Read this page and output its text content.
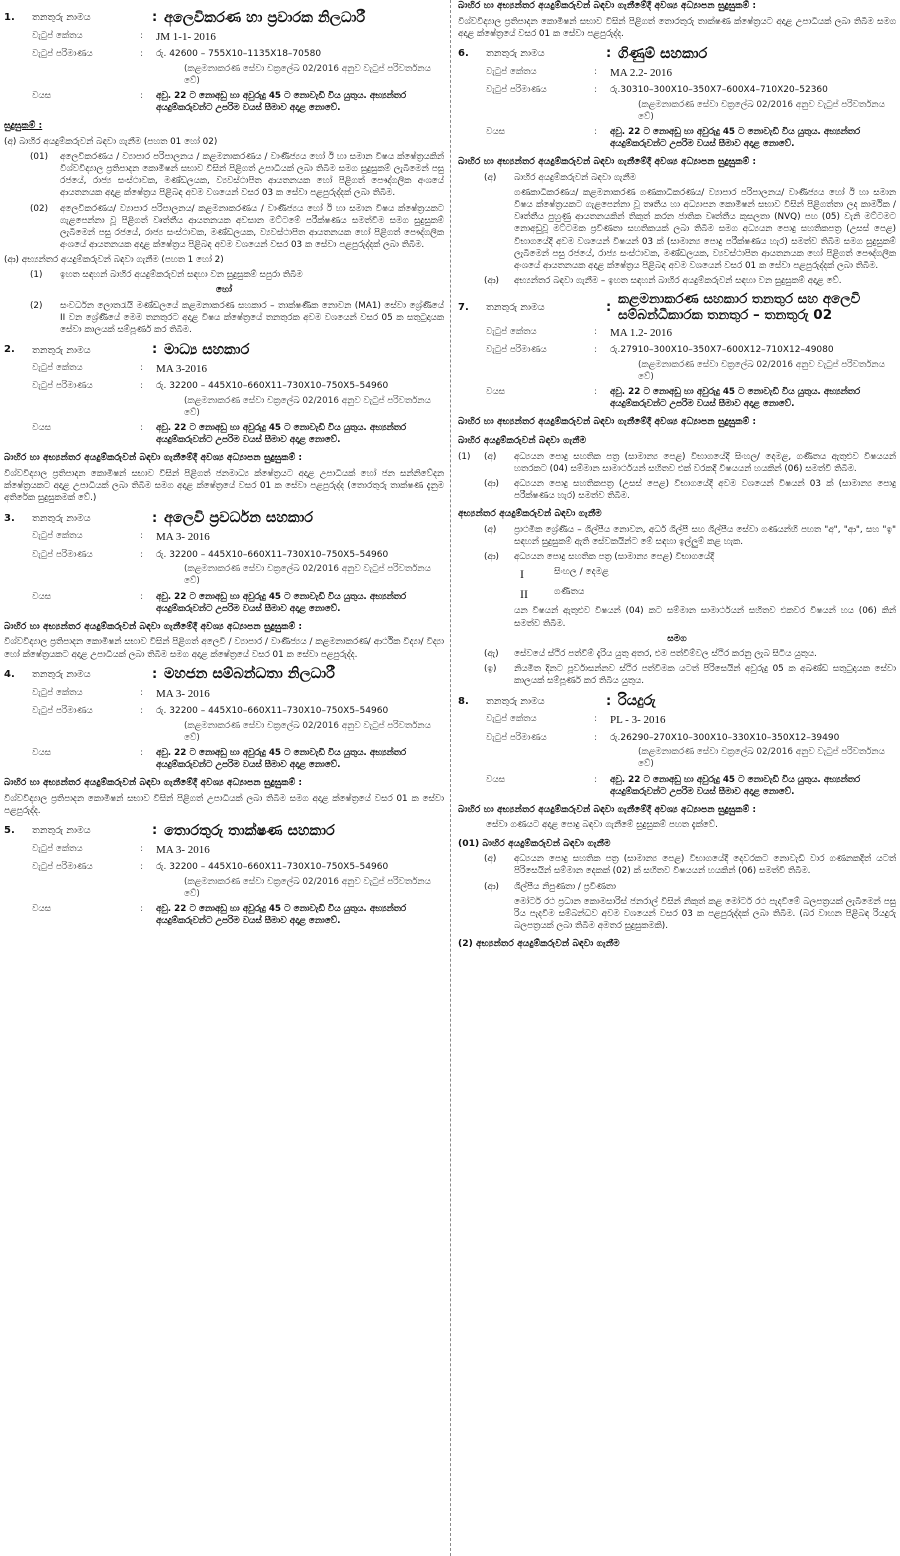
1.	තනතුරු නාමය	: අලෙවිකරණ හා ප්‍රවාරක නිලධාරී
වැටුප් කේතය	:	JM 1-1- 2016
වැටුප් පරිමාණය	:	රු. 42600 – 755X10–1135X18–70580
(කළමනාකරණ සේවා චක්‍රලේඛ 02/2016 අනුව වැටුප් පරිවර්තනය වේ)
වයස	:	අවු. 22 ට නොඅඩු හා අවුරුදු 45 ට නොවැඩි විය යුතුය. අභ්‍යන්තර අයදුම්කරුවන්ට උපරිම වයස් සීමාව අදාළ නොවේ.
සුදුසුකම් :
(අ) බාහිර අයදුම්කරුවන් බඳවා ගැනීම (පහත 01 හෝ 02)
(01)	අලෙවිකරණය / ව්‍යාපාර පරිපාලනය / කළමනාකරණය / වාණිජ්‍යය හෝ ඊ හා සමාන විෂය ක්ෂේත්‍රයකින් විශ්වවිද්‍යාල ප්‍රතිපාදන කොමිෂන් සභාව විසින් පිළිගත් උපාධියක් ලබා තිබීම සමග සුදුසුකම් ලැබීමෙන් පසු රජයේ, රාජ්‍ය සංස්ථාවක, මණ්ඩලයක, ව්‍යවස්ථාපිත ආයතනයක හෝ පිළිගත් පෞද්ගලික අංශයේ ආයතනයක අදාළ ක්ෂේත්‍රය පිළිබඳ අවම වශයෙන් වසර 03 ක සේවා පළපුරුද්දක් ලබා තිබීම.
(02)	අලෙවිකරණය/ ව්‍යාපාර පරිපාලනය/ කළමනාකරණය / වාණිජ්‍යය හෝ ඊ හා සමාන විෂය ක්ෂේත්‍රයකට ගැළපෙන්නා වූ පිළිගත් වෘත්තීය ආයතනයක අවසාන මට්ටමේ පරීක්ෂණය සමත්වීම සමග සුදුසුකම් ලැබීමෙන් පසු රජයේ, රාජ්‍ය සංස්ථාවක, මණ්ඩලයක, ව්‍යවස්ථාපිත ආයතනයක හෝ පිළිගත් පෞද්ගලික අංශයේ ආයතනයක අදාළ ක්ෂේත්‍රය පිළිබඳ අවම වශයෙන් වසර 03 ක සේවා පළපුරුද්දක් ලබා තිබීම.
(ආ) අභ්‍යන්තර අයදුම්කරුවන් බඳවා ගැනීම (පහත 1 හෝ 2)
(1)	ඉහත සඳහන් බාහිර අයදුම්කරුවන් සඳහා වන සුදුසුකම් සපුරා තිබීම
හෝ
(2)	සංවර්ධන ලොතරැයි මණ්ඩලයේ කළමනාකරණ සහකාර – තාක්ෂණික නොවන (MA1) සේවා ශ්‍රේණියේ II වන ශ්‍රේණියේ මෙම තනතුරට අදාළ විෂය ක්ෂේත්‍රයේ තනතුරක අවම වශයෙන් වසර 05 ක සතුටුදායක සේවා කාලයක් සම්පූර්ණ කර තිබීම.
2.	තනතුරු නාමය	: මාධ්‍ය සහකාර
වැටුප් කේතය	:	MA 3-2016
වැටුප් පරිමාණය	:	රු. 32200 – 445X10–660X11–730X10–750X5–54960
(කළමනාකරණ සේවා චක්‍රලේඛ 02/2016 අනුව වැටුප් පරිවර්තනය වේ)
වයස	:	අවු. 22 ට නොඅඩු හා අවුරුදු 45 ට නොවැඩි විය යුතුය. අභ්‍යන්තර අයදුම්කරුවන්ට උපරිම වයස් සීමාව අදාළ නොවේ.
බාහිර හා අභ්‍යන්තර අයදුම්කරුවන් බඳවා ගැනීමේදී අවශ්‍ය අධ්‍යාපන සුදුසුකම් :
විශ්වවිද්‍යාල ප්‍රතිපාදන කොමිෂන් සභාව විසින් පිළිගත් ජනමාධ්‍ය ක්ෂේත්‍රයට අදාළ උපාධියක් හෝ ජන සන්නිවේදන ක්ෂේත්‍රයකට අදාළ උපාධියක් ලබා තිබීම සමග අදාළ ක්ෂේත්‍රයේ වසර 01 ක සේවා පළපුරුද්ද (තොරතුරු තාක්ෂණ දැනුම අතිරේක සුදුසුකමක් වේ.)
3.	තනතුරු නාමය	: අලෙවි ප්‍රවර්ධන සහකාර
වැටුප් කේතය	:	MA 3- 2016
වැටුප් පරිමාණය	:	රු. 32200 – 445X10–660X11–730X10–750X5–54960
(කළමනාකරණ සේවා චක්‍රලේඛ 02/2016 අනුව වැටුප් පරිවර්තනය වේ)
වයස	:	අවු. 22 ට නොඅඩු හා අවුරුදු 45 ට නොවැඩි විය යුතුය. අභ්‍යන්තර අයදුම්කරුවන්ට උපරිම වයස් සීමාව අදාළ නොවේ.
බාහිර හා අභ්‍යන්තර අයදුම්කරුවන් බඳවා ගැනීමේදී අවශ්‍ය අධ්‍යාපන සුදුසුකම් :
විශ්වවිද්‍යාල ප්‍රතිපාදන කොමිෂන් සභාව විසින් පිළිගත් අලෙවි / ව්‍යාපාර / වාණිජ්‍යය / කළමනාකරණ/ ආර්ථික විද්‍යා/ විද්‍යා හෝ ක්ෂේත්‍රයකට අදාළ උපාධියක් ලබා තිබීම සමග අදාළ ක්ෂේත්‍රයේ වසර 01 ක සේවා පළපුරුද්ද.
4.	තනතුරු නාමය	: මහජන සම්බන්ධතා නිලධාරී
වැටුප් කේතය	:	MA 3- 2016
වැටුප් පරිමාණය	:	රු. 32200 – 445X10–660X11–730X10–750X5–54960
(කළමනාකරණ සේවා චක්‍රලේඛ 02/2016 අනුව වැටුප් පරිවර්තනය වේ)
වයස	:	අවු. 22 ට නොඅඩු හා අවුරුදු 45 ට නොවැඩි විය යුතුය. අභ්‍යන්තර අයදුම්කරුවන්ට උපරිම වයස් සීමාව අදාළ නොවේ.
බාහිර හා අභ්‍යන්තර අයදුම්කරුවන් බඳවා ගැනීමේදී අවශ්‍ය අධ්‍යාපන සුදුසුකම් :
විශ්වවිද්‍යාල ප්‍රතිපාදන කොමිෂන් සභාව විසින් පිළිගත් උපාධියක් ලබා තිබීම සමග අදාළ ක්ෂේත්‍රයේ වසර 01 ක සේවා පළපුරුද්ද.
5.	තනතුරු නාමය	: තොරතුරු තාක්ෂණ සහකාර
වැටුප් කේතය	:	MA 3- 2016
වැටුප් පරිමාණය	:	රු. 32200 – 445X10–660X11–730X10–750X5–54960
(කළමනාකරණ සේවා චක්‍රලේඛ 02/2016 අනුව වැටුප් පරිවර්තනය වේ)
වයස	:	අවු. 22 ට නොඅඩු හා අවුරුදු 45 ට නොවැඩි විය යුතුය. අභ්‍යන්තර අයදුම්කරුවන්ට උපරිම වයස් සීමාව අදාළ නොවේ.
බාහිර හා අභ්‍යන්තර අයදුම්කරුවන් බඳවා ගැනීමේදී අවශ්‍ය අධ්‍යාපන සුදුසුකම් :
විශ්වවිද්‍යාල ප්‍රතිපාදන කොමිෂන් සභාව විසින් පිළිගත් තොරතුරු තාක්ෂණ ක්ෂේත්‍රයට අදාළ උපාධියක් ලබා තිබීම සමග අදාළ ක්ෂේත්‍රයේ වසර 01 ක සේවා පළපුරුද්ද.
6.	තනතුරු නාමය	: ගිණුම් සහකාර
වැටුප් කේතය	:	MA 2.2- 2016
වැටුප් පරිමාණය	:	රු.30310–300X10–350X7–600X4–710X20–52360
(කළමනාකරණ සේවා චක්‍රලේඛ 02/2016 අනුව වැටුප් පරිවර්තනය වේ)
වයස	:	අවු. 22 ට නොඅඩු හා අවුරුදු 45 ට නොවැඩි විය යුතුය. අභ්‍යන්තර අයදුම්කරුවන්ට උපරිම වයස් සීමාව අදාළ නොවේ.
බාහිර හා අභ්‍යන්තර අයදුම්කරුවන් බඳවා ගැනීමේදී අවශ්‍ය අධ්‍යාපන සුදුසුකම් :
(අ)	බාහිර අයදුම්කරුවන් බඳවා ගැනීම
ගණකාධිකරණය/ කළමනාකරණ ගණකාධිකරණය/ ව්‍යාපාර පරිපාලනය/ වාණිජ්‍යය හෝ ඊ හා සමාන විෂය ක්ෂේත්‍රයකට ගැළපෙන්නා වූ තෘතීය හා අධ්‍යාපන කොමිෂන් සභාව විසින් පිළිගත්තා ලද කාර්මික / වෘත්තීය පුහුණු ආයතනයකින් තිකුත් කරන ජාතික වෘත්තීය කුසලතා (NVQ) පහ (05) වැනි මට්ටමට නොඅඩුවූ මට්ටමක ප්‍රවීණතා සහතිකයක් ලබා තිබීම සමග අධ්‍යයන පොදු සහතිකපත්‍ර (උසස් පෙළ) විභාගයේදී අවම වශයෙන් විෂයන් 03 ක් (සාමාන්‍ය පොදු පරීක්ෂණය හැර) සමත්ව තිබීම සමග සුදුසුකම් ලැබීමෙන් පසු රජයේ, රාජ්‍ය සංස්ථාවක, මණ්ඩලයක, ව්‍යවස්ථාපිත ආයතනයක හෝ පිළිගත් පෞද්ගලික අංශයේ ආයතනයක අදාළ ක්ෂේත්‍රය පිළිබඳ අවම වශයෙන් වසර 01 ක සේවා පළපුරුද්දක් ලබා තිබීම.
(ආ)	අභ්‍යන්තර බඳවා ගැනීම – ඉහත සඳහන් බාහිර අයදුම්කරුවන් සඳහා වන සුදුසුකම් අදාළ වේ.
7.	තනතුරු නාමය	:
කළමනාකරණ සහකාර තනතුර සහ අලෙවි සම්බන්ධීකාරක තනතුර – තනතුරු 02
වැටුප් කේතය	:	MA 1.2- 2016
වැටුප් පරිමාණය	:	රු.27910–300X10–350X7–600X12–710X12–49080
(කළමනාකරණ සේවා චක්‍රලේඛ 02/2016 අනුව වැටුප් පරිවර්තනය වේ)
වයස	:	අවු. 22 ට නොඅඩු හා අවුරුදු 45 ට නොවැඩි විය යුතුය. අභ්‍යන්තර අයදුම්කරුවන්ට උපරිම වයස් සීමාව අදාළ නොවේ.
බාහිර හා අභ්‍යන්තර අයදුම්කරුවන් බඳවා ගැනීමේදී අවශ්‍ය අධ්‍යාපන සුදුසුකම් :
බාහිර අයදුම්කරුවන් බඳවා ගැනීම
(1)	(අ)	අධ්‍යයන පොදු සහතික පත්‍ර (සාමාන්‍ය පෙළ) විභාගයේදී සිංහල/ දෙමළ, ගණිතය ඇතුළුව විෂයයන් හතරකට (04) සම්මාන සාමාර්ථයන් සහිතව එක් වරකදී විෂයයන් හයකින් (06) සමත්වී තිබීම.
(ආ)	අධ්‍යයන පොදු සහතිකපත්‍ර (උසස් පෙළ) විභාගයේදී අවම වශයෙන් විෂයන් 03 ක් (සාමාන්‍ය පොදු පරීක්ෂණය හැර) සමත්ව තිබීම.
අභ්‍යන්තර අයදුම්කරුවන් බඳවා ගැනීම
(අ)	ප්‍රාථමික ශ්‍රේණිය – ශිල්පීය නොවන, අර්ධ ශිල්පී සහ ශිල්පීය සේවා ගණයන්හි පහත "අ", "ආ", සහ "ඉ" සඳහන් සුදුසුකම් ඇති සේවකයින්ට මේ සඳහා ඉල්ලුම් කළ හැක.
(ආ)	අධ්‍යයන පොදු සහතික පත්‍ර (සාමාන්‍ය පෙළ) විභාගයේදී
I	සිංහල / දෙමළ
II	ගණිතය
යන විෂයන් ඇතුළුව විෂයන් (04) කට සම්මාන සාමාර්ථයන් සහිතව එකවර විෂයන් හය (06) කින් සමත්ව තිබීම.
සමග
(ඇ)	සේවයේ ස්ථිර පත්වීම් දැරිය යුතු අතර, එම පත්වීම්වල ස්ථිර කරනු ලැබ සිටිය යුතුය.
(ඉ)	නියමිත දිනට පූර්වාසන්නව ස්ථිර පත්වීමක යටත් පිරිසෙයින් අවුරුදු 05 ක අඛණ්ඩ සතුටුදායක සේවා කාලයක් සම්පූර්ණ කර තිබිය යුතුය.
8.	තනතුරු නාමය	: රියදුරු
වැටුප් කේතය	:	PL - 3- 2016
වැටුප් පරිමාණය	:	රු.26290–270X10–300X10–330X10–350X12–39490
(කළමනාකරණ සේවා චක්‍රලේඛ 02/2016 අනුව වැටුප් පරිවර්තනය වේ)
වයස	:	අවු. 22 ට නොඅඩු හා අවුරුදු 45 ට නොවැඩි විය යුතුය. අභ්‍යන්තර අයදුම්කරුවන්ට උපරිම වයස් සීමාව අදාළ නොවේ.
බාහිර හා අභ්‍යන්තර අයදුම්කරුවන් බඳවා ගැනීමේදී අවශ්‍ය අධ්‍යාපන සුදුසුකම් :
සේවා ගණයට අදාළ පොදු බඳවා ගැනීමේ සුදුසුකම් පහත දැක්වේ.
(01) බාහිර අයදුම්කරුවන් බඳවා ගැනීම
(අ)	අධ්‍යයන පොදු සහතික පත්‍ර (සාමාන්‍ය පෙළ) විභාගයේදී දෙවරකට නොවැඩි වාර ගණනකදීත් යටත් පිරිසෙයින් සම්මාන දෙකක් (02) ක් සහිතව විෂයයන් හයකින් (06) සමත්වී තිබීම.
(ආ)	ශිල්පීය නිපුණතා / ප්‍රවීණතා
මෝටර් රථ ප්‍රධාන කොමසාරිස් ජනරාල් විසින් නිකුත් කළ මෝටර් රථ පැදවීමේ බලපත්‍රයක් ලැබීමෙන් පසු රිය පැදවීම සම්බන්ධව අවම වශයෙන් වසර 03 ක පළපුරුද්දක් ලබා තිබීම. (බර වාහන පිළිබඳ රියදුරු බලපත්‍රයක් ලබා තිබීම අමතර සුදුසුකමකි).
(2) අභ්‍යන්තර අයදුම්කරුවන් බඳවා ගැනීම
